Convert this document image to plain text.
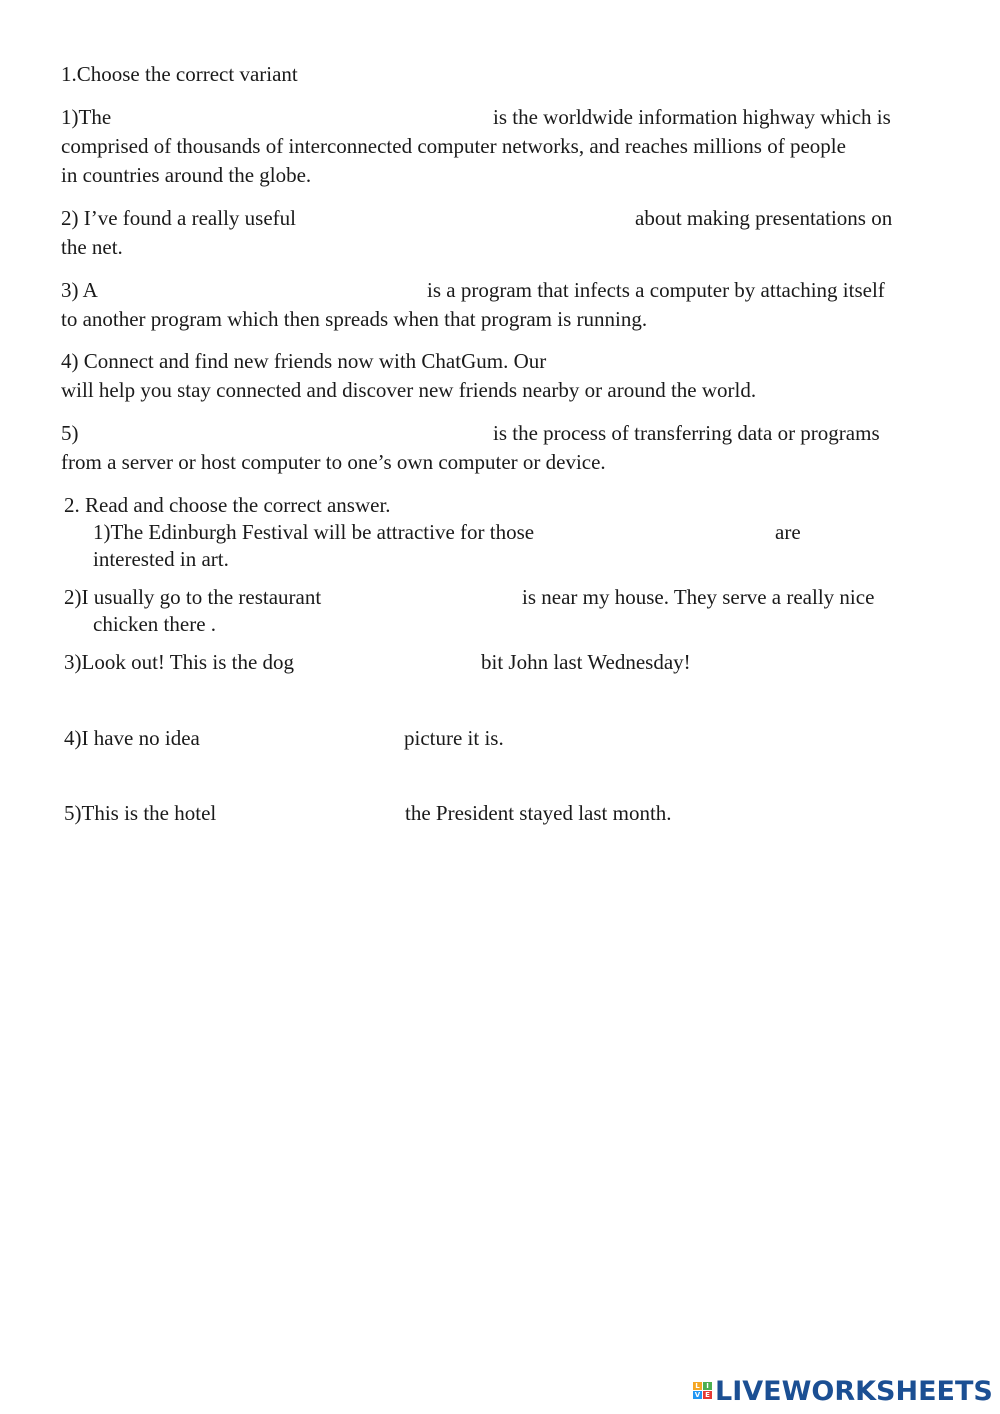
1.Choose the correct variant
1)The	is the worldwide information highway which is
comprised of thousands of interconnected computer networks, and reaches millions of people
in countries around the globe.
2) I’ve found a really useful	about making presentations on
the net.
3) A	is a program that infects a computer by attaching itself
to another program which then spreads when that program is running.
4) Connect and find new friends now with ChatGum. Our
will help you stay connected and discover new friends nearby or around the world.
5)	is the process of transferring data or programs
from a server or host computer to one’s own computer or device.
2. Read and choose the correct answer.
1)The Edinburgh Festival will be attractive for those	are
interested in art.
2)I usually go to the restaurant	is near my house. They serve a really nice
chicken there .
3)Look out! This is the dog	bit John last Wednesday!
4)I have no idea	picture it is.
5)This is the hotel	the President stayed last month.
L I
V E LIVEWORKSHEETS
